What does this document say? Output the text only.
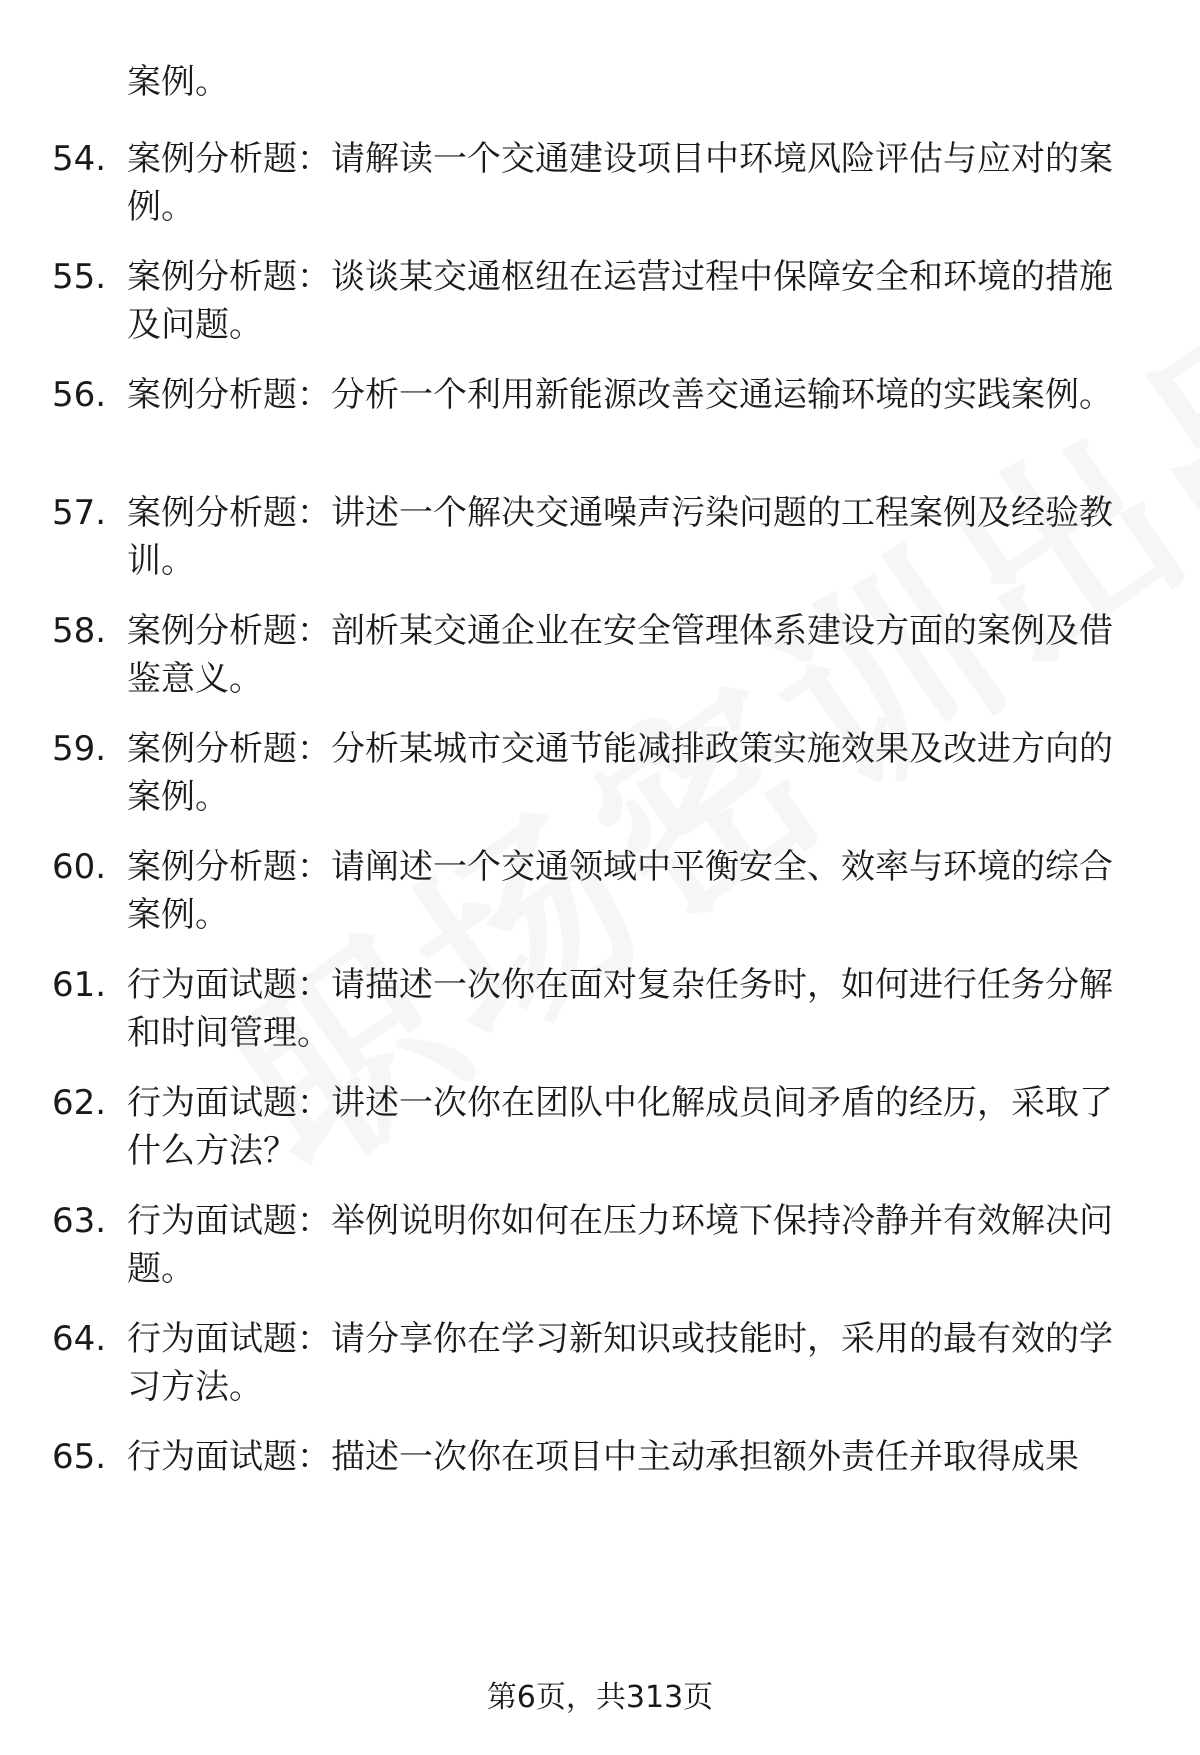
案例。
54. 案例分析题：请解读一个交通建设项目中环境风险评估与应对的案例。
55. 案例分析题：谈谈某交通枢纽在运营过程中保障安全和环境的措施及问题。
56. 案例分析题：分析一个利用新能源改善交通运输环境的实践案例。
57. 案例分析题：讲述一个解决交通噪声污染问题的工程案例及经验教训。
58. 案例分析题：剖析某交通企业在安全管理体系建设方面的案例及借鉴意义。
59. 案例分析题：分析某城市交通节能减排政策实施效果及改进方向的案例。
60. 案例分析题：请阐述一个交通领域中平衡安全、效率与环境的综合案例。
61. 行为面试题：请描述一次你在面对复杂任务时，如何进行任务分解和时间管理。
62. 行为面试题：讲述一次你在团队中化解成员间矛盾的经历，采取了什么方法？
63. 行为面试题：举例说明你如何在压力环境下保持冷静并有效解决问题。
64. 行为面试题：请分享你在学习新知识或技能时，采用的最有效的学习方法。
65. 行为面试题：描述一次你在项目中主动承担额外责任并取得成果
第6页，共313页
